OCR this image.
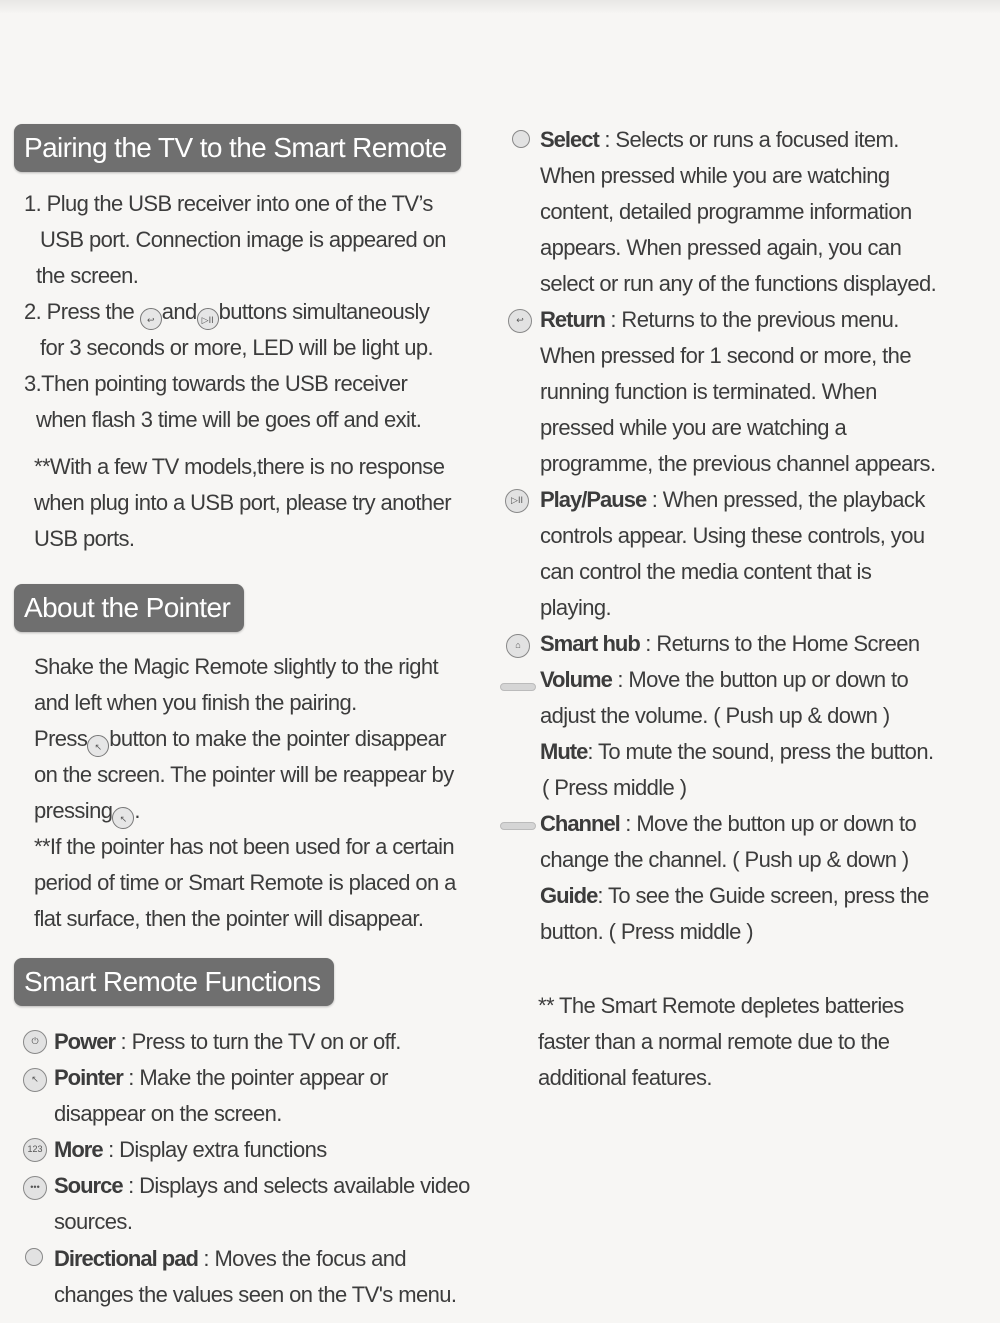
Pairing the TV to the Smart Remote
1. Plug the USB receiver into one of the TV’s
USB port. Connection image is appeared on
the screen.
2. Press the ↩ and ▷II buttons simultaneously
for 3 seconds or more, LED will be light up.
3.Then pointing towards the USB receiver
when flash 3 time will be goes off and exit.
**With a few TV models,there is no response
when plug into a USB port, please try another
USB ports.
About the Pointer
Shake the Magic Remote slightly to the right
and left when you finish the pairing.
Press ↖ button to make the pointer disappear
on the screen. The pointer will be reappear by
pressing ↖ .
**If the pointer has not been used for a certain
period of time or Smart Remote is placed on a
flat surface, then the pointer will disappear.
Smart Remote Functions
⏻ Power : Press to turn the TV on or off.
↖ Pointer : Make the pointer appear or
disappear on the screen.
123 More : Display extra functions
••• Source : Displays and selects available video
sources.
Directional pad : Moves the focus and
changes the values seen on the TV's menu.
Select : Selects or runs a focused item.
When pressed while you are watching
content, detailed programme information
appears. When pressed again, you can
select or run any of the functions displayed.
↩ Return : Returns to the previous menu.
When pressed for 1 second or more, the
running function is terminated. When
pressed while you are watching a
programme, the previous channel appears.
▷II Play/Pause : When pressed, the playback
controls appear. Using these controls, you
can control the media content that is
playing.
⌂ Smart hub : Returns to the Home Screen
Volume : Move the button up or down to
adjust the volume. ( Push up & down )
Mute: To mute the sound, press the button.
( Press middle )
Channel : Move the button up or down to
change the channel. ( Push up & down )
Guide: To see the Guide screen, press the
button. ( Press middle )
** The Smart Remote depletes batteries
faster than a normal remote due to the
additional features.
